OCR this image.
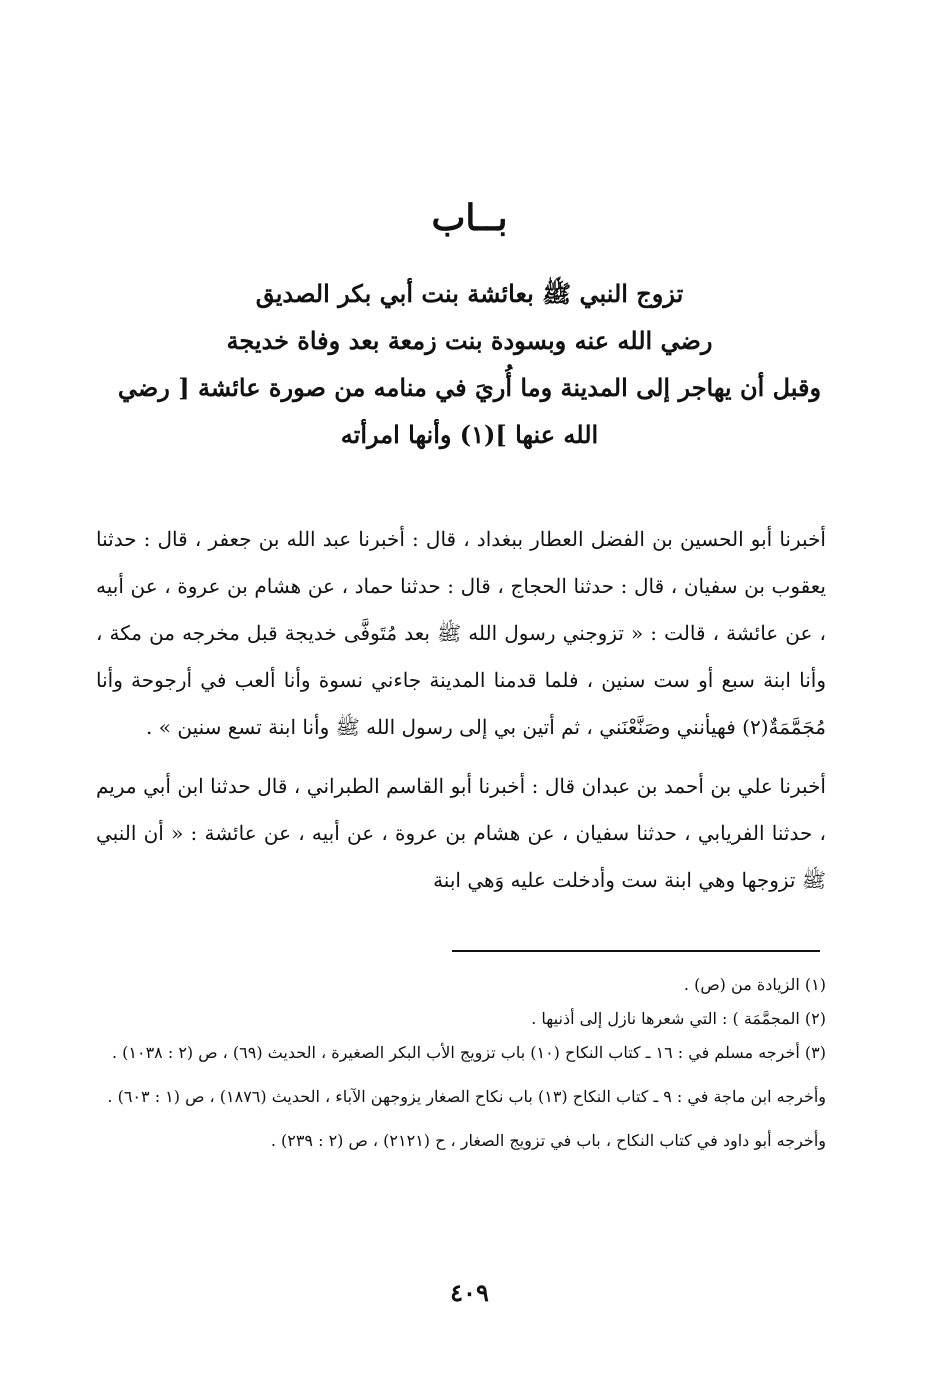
بــاب
تزوج النبي ﷺ بعائشة بنت أبي بكر الصديق
رضي الله عنه وبسودة بنت زمعة بعد وفاة خديجة
وقبل أن يهاجر إلى المدينة وما أُريَ في منامه من صورة عائشة [ رضي
الله عنها ](١) وأنها امرأته

أخبرنا أبو الحسين بن الفضل العطار ببغداد ، قال : أخبرنا عبد الله بن جعفر ، قال : حدثنا يعقوب بن سفيان ، قال : حدثنا الحجاج ، قال : حدثنا حماد ، عن هشام بن عروة ، عن أبيه ، عن عائشة ، قالت : « تزوجني رسول الله ﷺ بعد مُتَوفَّى خديجة قبل مخرجه من مكة ، وأنا ابنة سبع أو ست سنين ، فلما قدمنا المدينة جاءني نسوة وأنا ألعب في أرجوحة وأنا مُجَمَّمَةٌ(٢) فهيأنني وصَنَّعْنَني ، ثم أتين بي إلى رسول الله ﷺ وأنا ابنة تسع سنين » .

أخبرنا علي بن أحمد بن عبدان قال : أخبرنا أبو القاسم الطبراني ، قال حدثنا ابن أبي مريم ، حدثنا الفريابي ، حدثنا سفيان ، عن هشام بن عروة ، عن أبيه ، عن عائشة : « أن النبي ﷺ تزوجها وهي ابنة ست وأدخلت عليه وَهي ابنة

(١) الزيادة من (ص) .

(٢) المجمَّمَة ) : التي شعرها نازل إلى أذنيها .

(٣) أخرجه مسلم في : ١٦ ـ كتاب النكاح (١٠) باب تزويج الأب البكر الصغيرة ، الحديث (٦٩) ، ص (٢ : ١٠٣٨) .

وأخرجه ابن ماجة في : ٩ ـ كتاب النكاح (١٣) باب نكاح الصغار يزوجهن الآباء ، الحديث (١٨٧٦) ، ص (١ : ٦٠٣) .

وأخرجه أبو داود في كتاب النكاح ، باب في تزويج الصغار ، ح (٢١٢١) ، ص (٢ : ٢٣٩) .

٤٠٩
